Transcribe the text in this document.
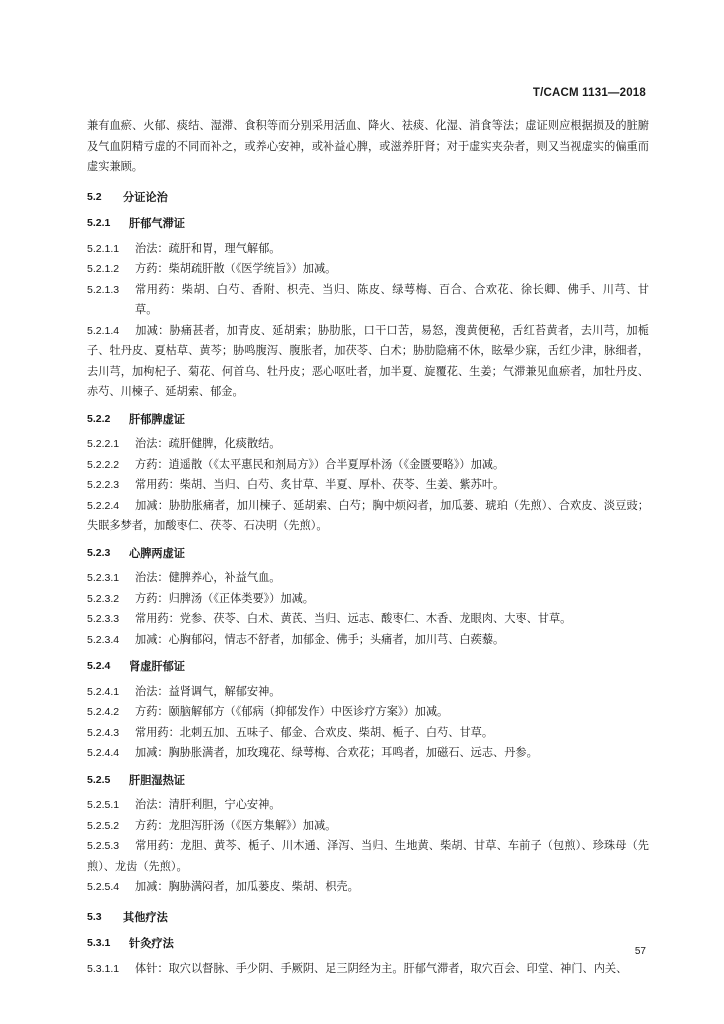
T/CACM 1131—2018

兼有血瘀、火郁、痰结、湿滞、食积等而分别采用活血、降火、祛痰、化湿、消食等法；虚证则应根据损及的脏腑及气血阴精亏虚的不同而补之，或养心安神，或补益心脾，或滋养肝肾；对于虚实夹杂者，则又当视虚实的偏重而虚实兼顾。

5.2	分证论治
5.2.1	肝郁气滞证
5.2.1.1	治法：疏肝和胃，理气解郁。
5.2.1.2	方药：柴胡疏肝散（《医学统旨》）加减。
5.2.1.3	常用药：柴胡、白芍、香附、枳壳、当归、陈皮、绿萼梅、百合、合欢花、徐长卿、佛手、川芎、甘草。
5.2.1.4 加减：胁痛甚者，加青皮、延胡索；胁肋胀，口干口苦，易怒，溲黄便秘，舌红苔黄者，去川芎，加栀子、牡丹皮、夏枯草、黄芩；胁鸣腹泻、腹胀者，加茯苓、白术；胁肋隐痛不休，眩晕少寐，舌红少津，脉细者，去川芎，加枸杞子、菊花、何首乌、牡丹皮；恶心呕吐者，加半夏、旋覆花、生姜；气滞兼见血瘀者，加牡丹皮、赤芍、川楝子、延胡索、郁金。
5.2.2	肝郁脾虚证
5.2.2.1	治法：疏肝健脾，化痰散结。
5.2.2.2	方药：逍遥散（《太平惠民和剂局方》）合半夏厚朴汤（《金匮要略》）加减。
5.2.2.3	常用药：柴胡、当归、白芍、炙甘草、半夏、厚朴、茯苓、生姜、紫苏叶。
5.2.2.4 加减：胁肋胀痛者，加川楝子、延胡索、白芍；胸中烦闷者，加瓜蒌、琥珀（先煎）、合欢皮、淡豆豉；失眠多梦者，加酸枣仁、茯苓、石决明（先煎）。
5.2.3	心脾两虚证
5.2.3.1	治法：健脾养心，补益气血。
5.2.3.2	方药：归脾汤（《正体类要》）加减。
5.2.3.3	常用药：党参、茯苓、白术、黄芪、当归、远志、酸枣仁、木香、龙眼肉、大枣、甘草。
5.2.3.4	加减：心胸郁闷，情志不舒者，加郁金、佛手；头痛者，加川芎、白蒺藜。
5.2.4	肾虚肝郁证
5.2.4.1	治法：益肾调气，解郁安神。
5.2.4.2	方药：颐脑解郁方（《郁病（抑郁发作）中医诊疗方案》）加减。
5.2.4.3	常用药：北刺五加、五味子、郁金、合欢皮、柴胡、栀子、白芍、甘草。
5.2.4.4	加减：胸胁胀满者，加玫瑰花、绿萼梅、合欢花；耳鸣者，加磁石、远志、丹参。
5.2.5	肝胆湿热证
5.2.5.1	治法：清肝利胆，宁心安神。
5.2.5.2	方药：龙胆泻肝汤（《医方集解》）加减。
5.2.5.3 常用药：龙胆、黄芩、栀子、川木通、泽泻、当归、生地黄、柴胡、甘草、车前子（包煎）、珍珠母（先煎）、龙齿（先煎）。
5.2.5.4	加减：胸胁满闷者，加瓜蒌皮、柴胡、枳壳。
5.3	其他疗法
5.3.1	针灸疗法
5.3.1.1	体针：取穴以督脉、手少阴、手厥阴、足三阴经为主。肝郁气滞者，取穴百会、印堂、神门、内关、
57
